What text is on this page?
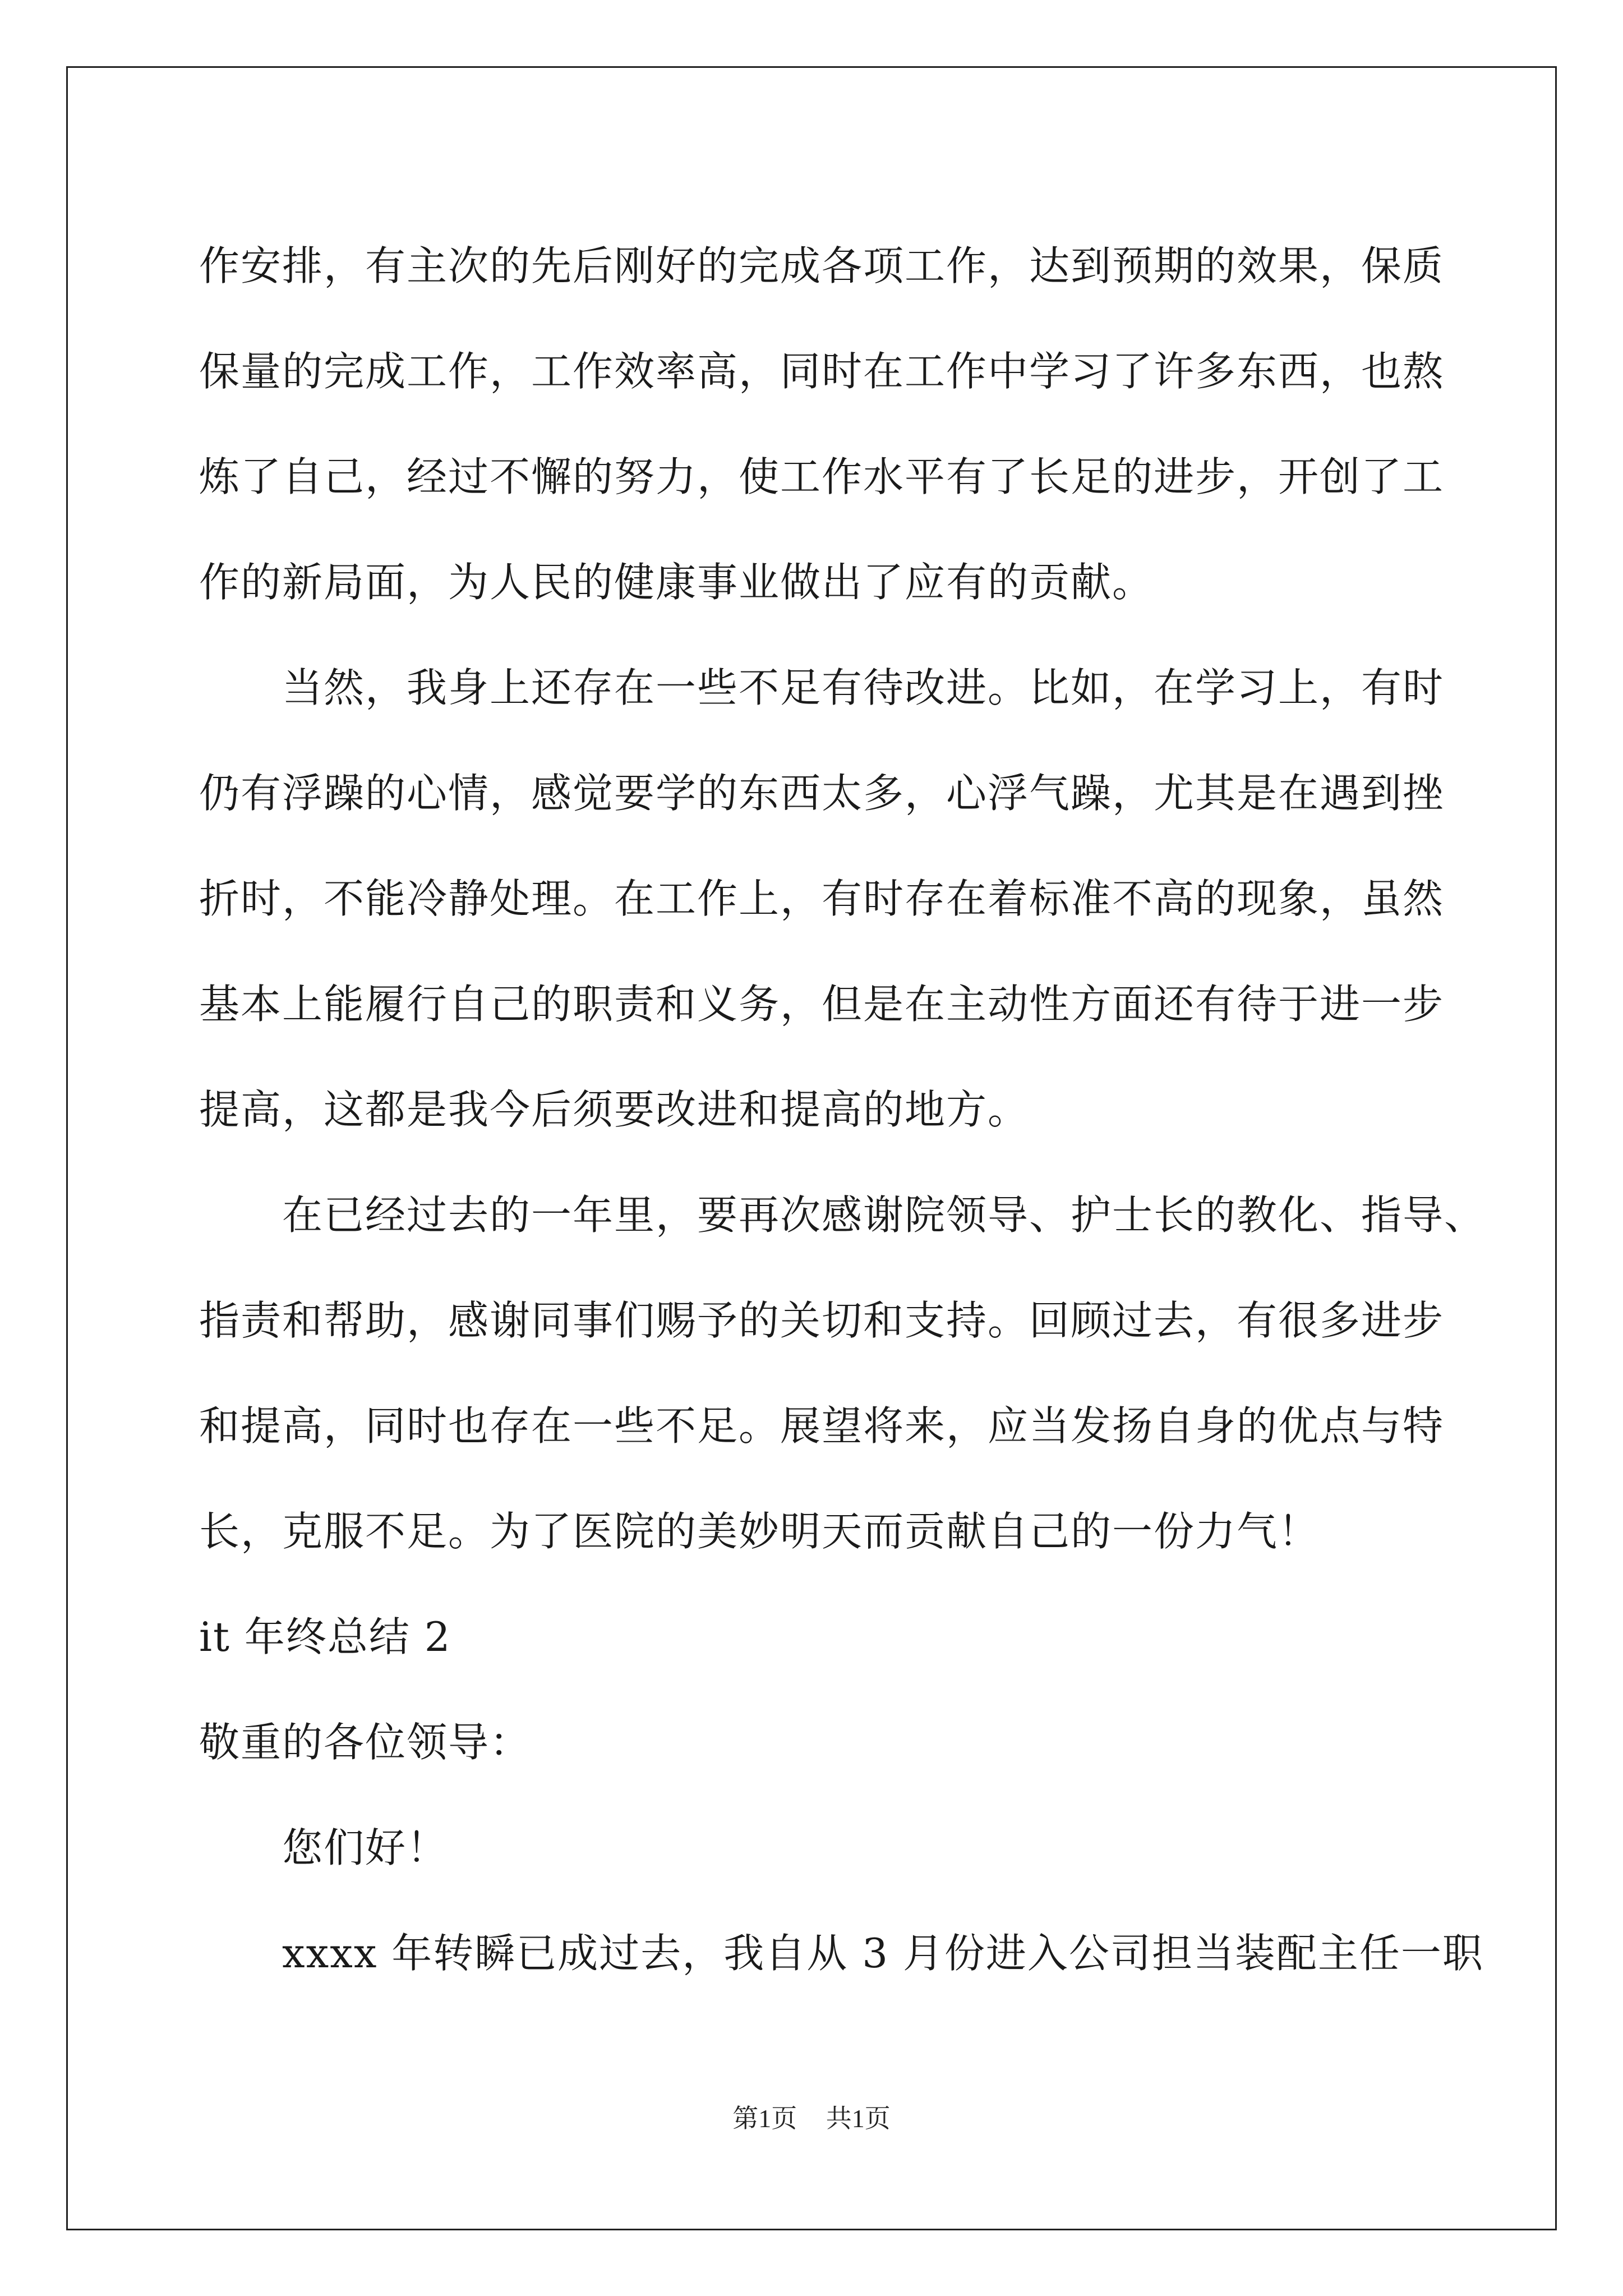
作安排，有主次的先后刚好的完成各项工作，达到预期的效果，保质
保量的完成工作，工作效率高，同时在工作中学习了许多东西，也熬
炼了自己，经过不懈的努力，使工作水平有了长足的进步，开创了工
作的新局面，为人民的健康事业做出了应有的贡献。
当然，我身上还存在一些不足有待改进。比如，在学习上，有时
仍有浮躁的心情，感觉要学的东西太多，心浮气躁，尤其是在遇到挫
折时，不能冷静处理。在工作上，有时存在着标准不高的现象，虽然
基本上能履行自己的职责和义务，但是在主动性方面还有待于进一步
提高，这都是我今后须要改进和提高的地方。
在已经过去的一年里，要再次感谢院领导、护士长的教化、指导、
指责和帮助，感谢同事们赐予的关切和支持。回顾过去，有很多进步
和提高，同时也存在一些不足。展望将来，应当发扬自身的优点与特
长，克服不足。为了医院的美妙明天而贡献自己的一份力气！
it 年终总结 2
敬重的各位领导：
您们好！
xxxx 年转瞬已成过去，我自从 3 月份进入公司担当装配主任一职
第1页 共1页
